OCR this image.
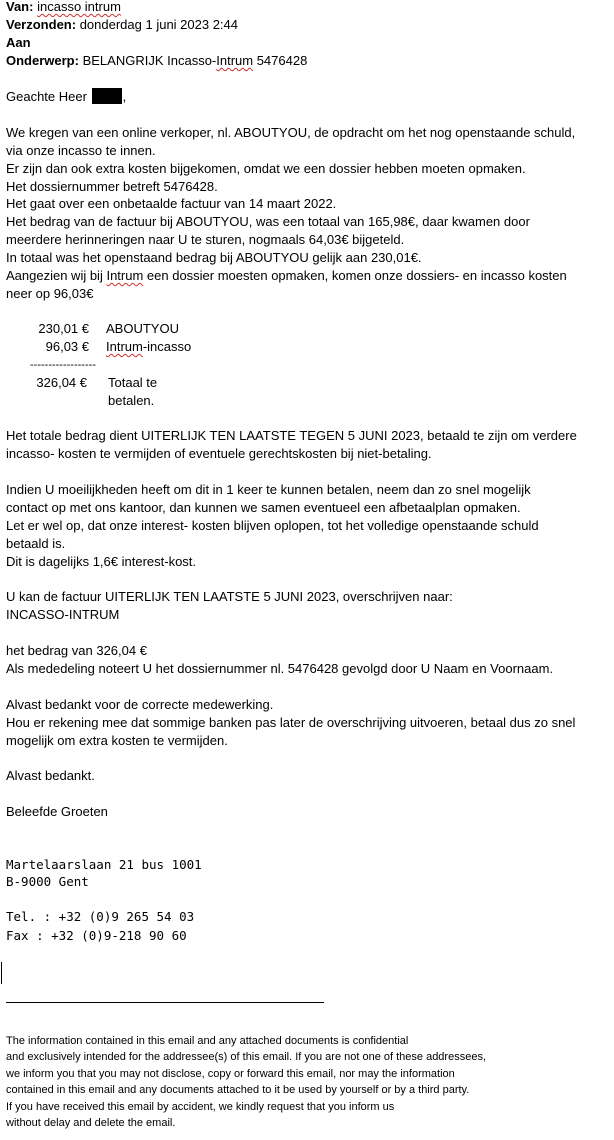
Van: incasso intrum
Verzonden: donderdag 1 juni 2023 2:44
Aan
Onderwerp: BELANGRIJK Incasso-Intrum 5476428
Geachte Heer	,
We kregen van een online verkoper, nl. ABOUTYOU, de opdracht om het nog openstaande schuld,
via onze incasso te innen.
Er zijn dan ook extra kosten bijgekomen, omdat we een dossier hebben moeten opmaken.
Het dossiernummer betreft 5476428.
Het gaat over een onbetaalde factuur van 14 maart 2022.
Het bedrag van de factuur bij ABOUTYOU, was een totaal van 165,98€, daar kwamen door
meerdere herinneringen naar U te sturen, nogmaals 64,03€ bijgeteld.
In totaal was het openstaand bedrag bij ABOUTYOU gelijk aan 230,01€.
Aangezien wij bij Intrum een dossier moesten opmaken, komen onze dossiers- en incasso kosten
neer op 96,03€
230,01 € ABOUTYOU
96,03 € Intrum-incasso
------------------
326,04 € Totaal te
betalen.
Het totale bedrag dient UITERLIJK TEN LAATSTE TEGEN 5 JUNI 2023, betaald te zijn om verdere
incasso- kosten te vermijden of eventuele gerechtskosten bij niet-betaling.
Indien U moeilijkheden heeft om dit in 1 keer te kunnen betalen, neem dan zo snel mogelijk
contact op met ons kantoor, dan kunnen we samen eventueel een afbetaalplan opmaken.
Let er wel op, dat onze interest- kosten blijven oplopen, tot het volledige openstaande schuld
betaald is.
Dit is dagelijks 1,6€ interest-kost.
U kan de factuur UITERLIJK TEN LAATSTE 5 JUNI 2023, overschrijven naar:
INCASSO-INTRUM
het bedrag van 326,04 €
Als mededeling noteert U het dossiernummer nl. 5476428 gevolgd door U Naam en Voornaam.
Alvast bedankt voor de correcte medewerking.
Hou er rekening mee dat sommige banken pas later de overschrijving uitvoeren, betaal dus zo snel
mogelijk om extra kosten te vermijden.
Alvast bedankt.
Beleefde Groeten
Martelaarslaan 21 bus 1001
B-9000 Gent
Tel. : +32 (0)9 265 54 03
Fax : +32 (0)9-218 90 60
The information contained in this email and any attached documents is confidential
and exclusively intended for the addressee(s) of this email. If you are not one of these addressees,
we inform you that you may not disclose, copy or forward this email, nor may the information
contained in this email and any documents attached to it be used by yourself or by a third party.
If you have received this email by accident, we kindly request that you inform us
without delay and delete the email.
